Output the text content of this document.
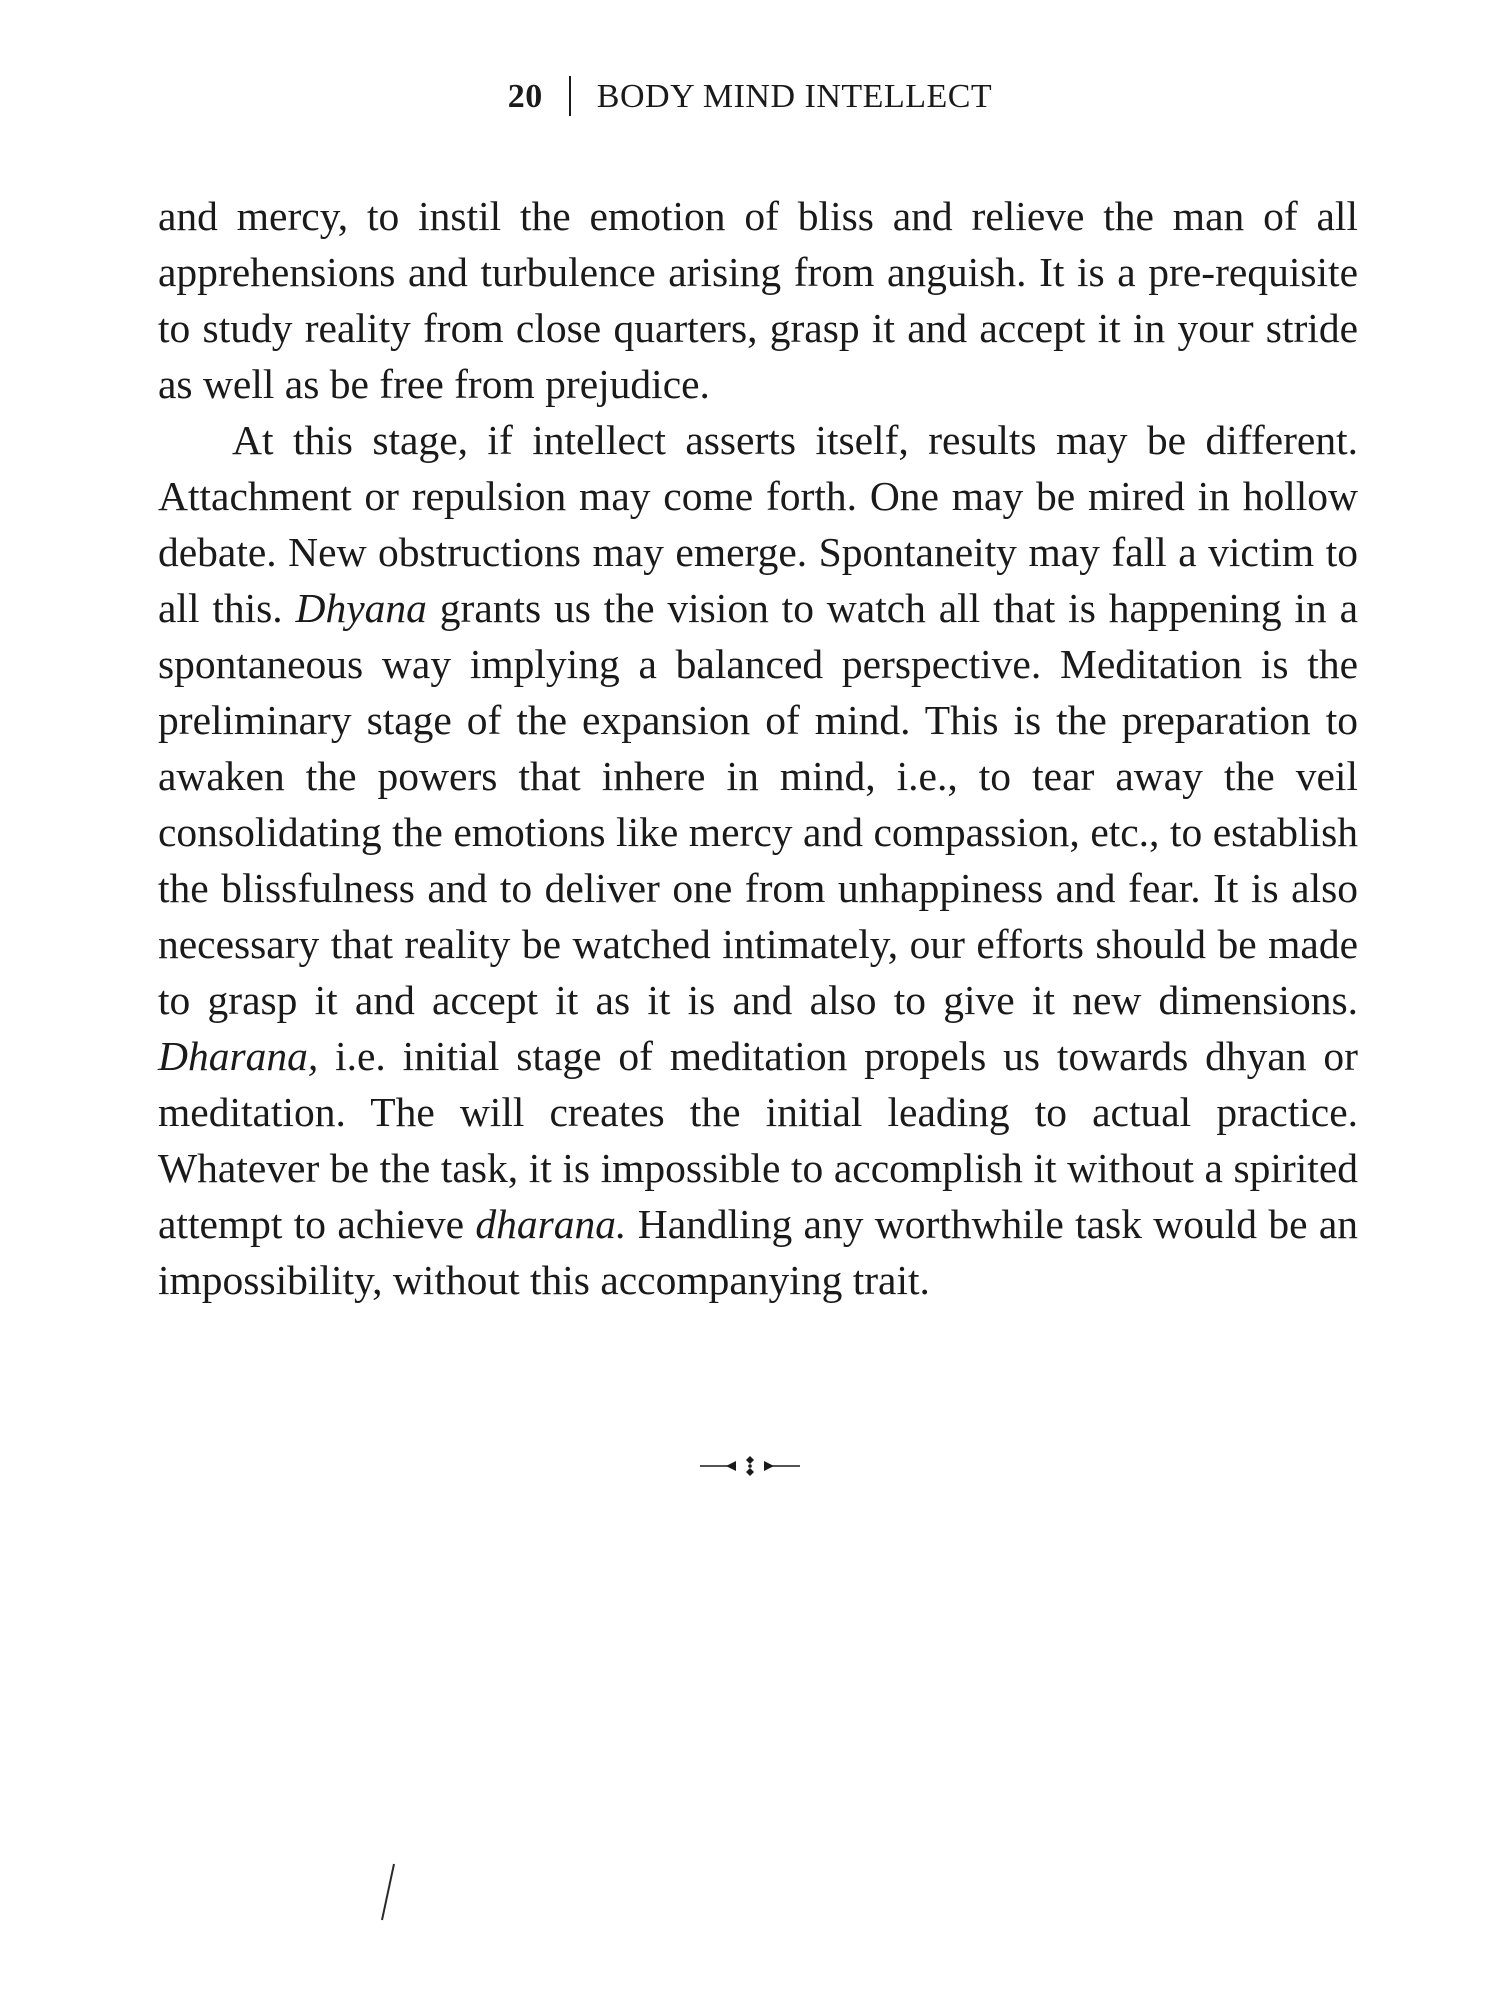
20 BODY MIND INTELLECT

and mercy, to instil the emotion of bliss and relieve the man of all apprehensions and turbulence arising from anguish. It is a pre-requisite to study reality from close quarters, grasp it and accept it in your stride as well as be free from prejudice.

At this stage, if intellect asserts itself, results may be different. Attachment or repulsion may come forth. One may be mired in hollow debate. New obstructions may emerge. Spontaneity may fall a victim to all this. Dhyana grants us the vision to watch all that is happening in a spontaneous way implying a balanced perspective. Meditation is the preliminary stage of the expansion of mind. This is the preparation to awaken the powers that inhere in mind, i.e., to tear away the veil consolidating the emotions like mercy and compassion, etc., to establish the blissfulness and to deliver one from unhappiness and fear. It is also necessary that reality be watched intimately, our efforts should be made to grasp it and accept it as it is and also to give it new dimensions. Dharana, i.e. initial stage of meditation propels us towards dhyan or meditation. The will creates the initial leading to actual practice. Whatever be the task, it is impossible to accomplish it without a spirited attempt to achieve dharana. Handling any worthwhile task would be an impossibility, without this accompanying trait.
